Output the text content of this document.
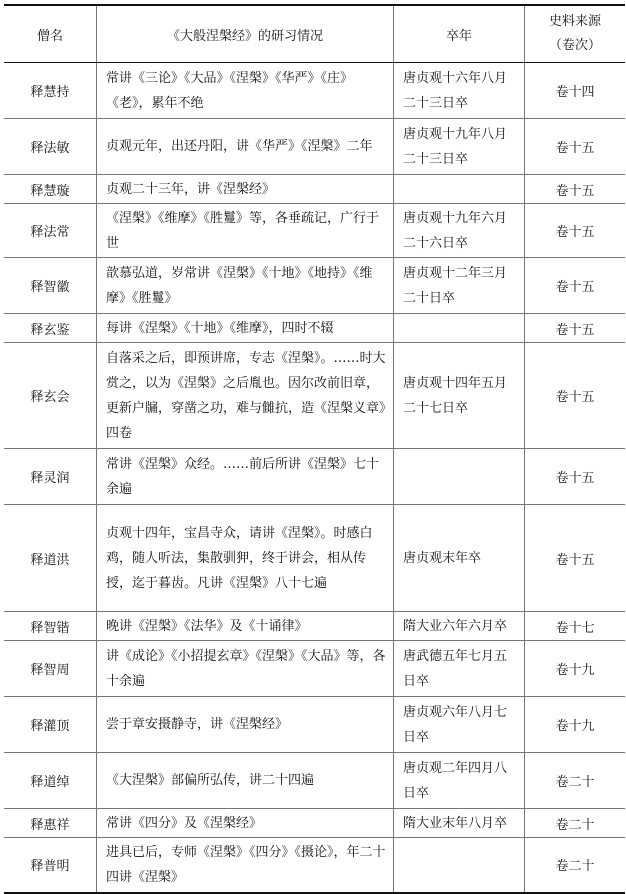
僧名	《大般涅槃经》的研习情况	卒年	史料来源
（卷次）

释慧持	常讲《三论》《大品》《涅槃》《华严》《庄》《老》，累年不绝	唐贞观十六年八月二十三日卒	卷十四
释法敏	贞观元年，出还丹阳，讲《华严》《涅槃》二年	唐贞观十九年八月二十三日卒	卷十五
释慧璇	贞观二十三年，讲《涅槃经》		卷十五
释法常	《涅槃》《维摩》《胜鬘》等，各垂疏记，广行于世	唐贞观十九年六月二十六日卒	卷十五
释智徽	歆慕弘道，岁常讲《涅槃》《十地》《地持》《维摩》《胜鬘》	唐贞观十二年三月二十日卒	卷十五
释玄鉴	每讲《涅槃》《十地》《维摩》，四时不辍		卷十五
释玄会	自落采之后，即预讲席，专志《涅槃》。……时大赏之，以为《涅槃》之后胤也。因尔改前旧章，更新户牖，穿凿之功，难与雠抗，造《涅槃义章》四卷	唐贞观十四年五月二十七日卒	卷十五
释灵润	常讲《涅槃》众经。……前后所讲《涅槃》七十余遍		卷十五
释道洪	贞观十四年，宝昌寺众，请讲《涅槃》。时感白鸡，随人听法，集散驯狎，终于讲会，相从传授，迄于暮齿。凡讲《涅槃》八十七遍	唐贞观末年卒	卷十五
释智锴	晚讲《涅槃》《法华》及《十诵律》	隋大业六年六月卒	卷十七
释智周	讲《成论》《小招提玄章》《涅槃》《大品》等，各十余遍	唐武德五年七月五日卒	卷十九
释灌顶	尝于章安摄静寺，讲《涅槃经》	唐贞观六年八月七日卒	卷十九
释道绰	《大涅槃》部偏所弘传，讲二十四遍	唐贞观二年四月八日卒	卷二十
释惠祥	常讲《四分》及《涅槃经》	隋大业末年八月卒	卷二十
释普明	进具已后，专师《涅槃》《四分》《摄论》，年二十四讲《涅槃》		卷二十
